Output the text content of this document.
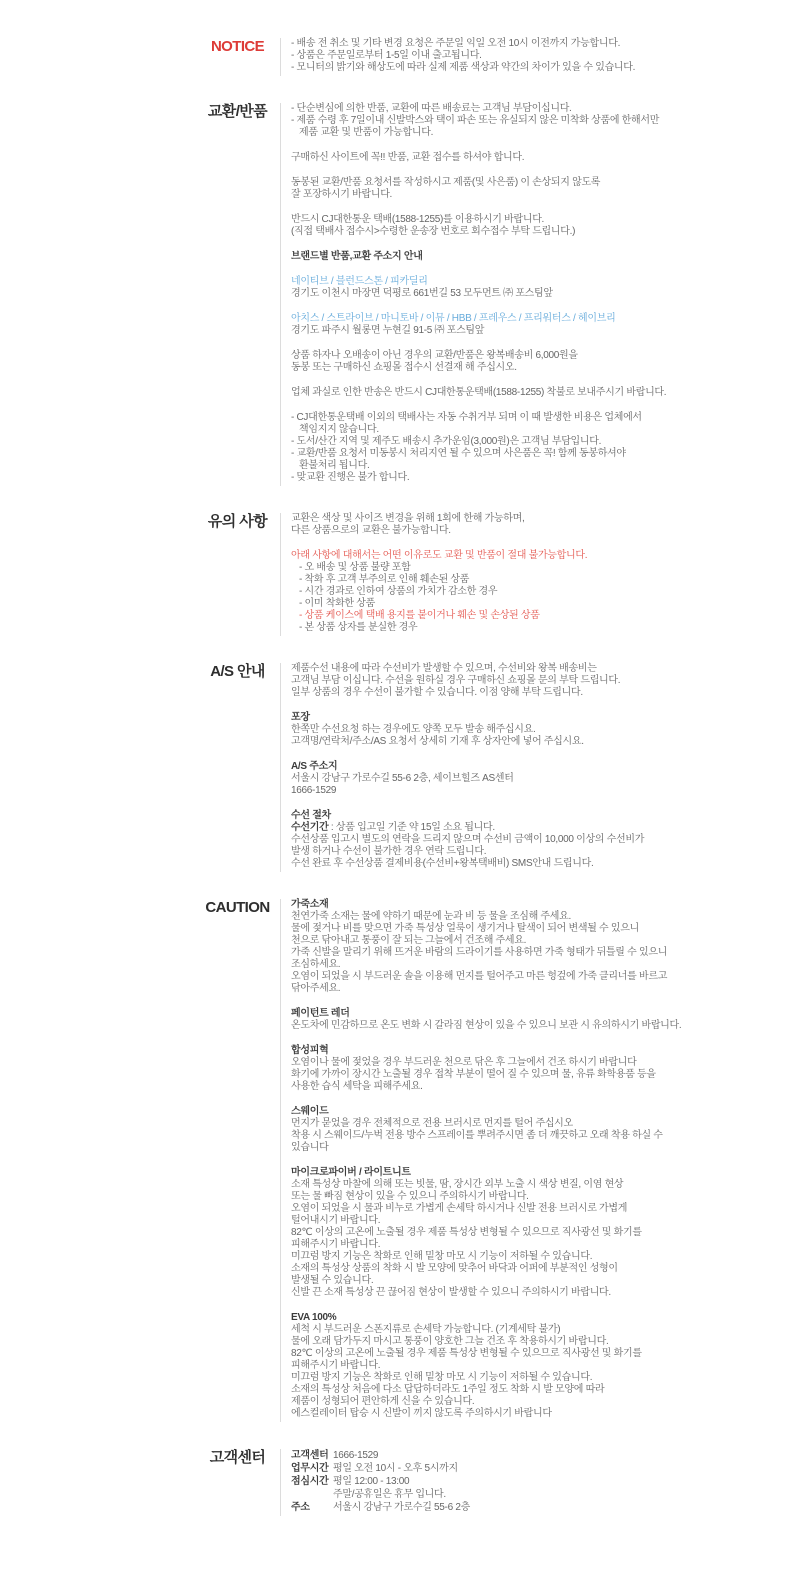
NOTICE	- 배송 전 취소 및 기타 변경 요청은 주문일 익일 오전 10시 이전까지 가능합니다.
- 상품은 주문일로부터 1-5일 이내 출고됩니다.
- 모니터의 밝기와 해상도에 따라 실제 제품 색상과 약간의 차이가 있을 수 있습니다.
교환/반품	- 단순변심에 의한 반품, 교환에 따른 배송료는 고객님 부담이십니다.
- 제품 수령 후 7일이내 신발박스와 택이 파손 또는 유실되지 않은 미착화 상품에 한해서만
제품 교환 및 반품이 가능합니다.
구매하신 사이트에 꼭!! 반품, 교환 접수를 하셔야 합니다.
동봉된 교환/반품 요청서를 작성하시고 제품(및 사은품) 이 손상되지 않도록
잘 포장하시기 바랍니다.
반드시 CJ대한통운 택배(1588-1255)를 이용하시기 바랍니다.
(직접 택배사 접수시>수령한 운송장 번호로 회수접수 부탁 드립니다.)
브랜드별 반품,교환 주소지 안내
네이티브 / 블런드스톤 / 피카딜리
경기도 이천시 마장면 덕평로 661번길 53 모두먼트 ㈜ 포스팀앞
아치스 / 스트라이브 / 마니토바 / 이뮤 / HBB / 프레우스 / 프리워터스 / 헤이브리
경기도 파주시 월롱면 누현길 91-5 ㈜ 포스팀앞
상품 하자나 오배송이 아닌 경우의 교환/반품은 왕복배송비 6,000원을
동봉 또는 구매하신 쇼핑몰 접수시 선결재 해 주십시오.
업체 과실로 인한 반송은 반드시 CJ대한통운택배(1588-1255) 착불로 보내주시기 바랍니다.
- CJ대한통운택배 이외의 택배사는 자동 수취거부 되며 이 때 발생한 비용은 업체에서
책임지지 않습니다.
- 도서/산간 지역 및 제주도 배송시 추가운임(3,000원)은 고객님 부담입니다.
- 교환/반품 요청서 미동봉시 처리지연 될 수 있으며 사은품은 꼭! 함께 동봉하셔야
환불처리 됩니다.
- 맞교환 진행은 불가 합니다.
유의 사항	교환은 색상 및 사이즈 변경을 위해 1회에 한해 가능하며,
다른 상품으로의 교환은 불가능합니다.
아래 사항에 대해서는 어떤 이유로도 교환 및 반품이 절대 불가능합니다.
- 오 배송 및 상품 불량 포함
- 착화 후 고객 부주의로 인해 훼손된 상품
- 시간 경과로 인하여 상품의 가치가 감소한 경우
- 이미 착화한 상품
- 상품 케이스에 택배 용지를 붙이거나 훼손 및 손상된 상품
- 본 상품 상자를 분실한 경우
A/S 안내	제품수선 내용에 따라 수선비가 발생할 수 있으며, 수선비와 왕복 배송비는
고객님 부담 이십니다. 수선을 원하실 경우 구매하신 쇼핑몰 문의 부탁 드립니다.
일부 상품의 경우 수선이 불가할 수 있습니다. 이점 양해 부탁 드립니다.
포장
한쪽만 수선요청 하는 경우에도 양쪽 모두 발송 해주십시요.
고객명/연락처/주소/AS 요청서 상세히 기재 후 상자안에 넣어 주십시요.
A/S 주소지
서울시 강남구 가로수길 55-6 2층, 세이브힐즈 AS센터
1666-1529
수선 절차
수선기간 : 상품 입고일 기준 약 15일 소요 됩니다.
수선상품 입고시 별도의 연락을 드리지 않으며 수선비 금액이 10,000 이상의 수선비가
발생 하거나 수선이 불가한 경우 연락 드립니다.
수선 완료 후 수선상품 결제비용(수선비+왕복택배비) SMS안내 드립니다.
CAUTION	가죽소재
천연가죽 소재는 물에 약하기 때문에 눈과 비 등 물을 조심해 주세요.
물에 젖거나 비를 맞으면 가죽 특성상 얼룩이 생기거나 탈색이 되어 변색될 수 있으니
천으로 닦아내고 통풍이 잘 되는 그늘에서 건조해 주세요.
가죽 신발을 말리기 위해 뜨거운 바람의 드라이기를 사용하면 가죽 형태가 뒤틀릴 수 있으니
조심하세요.
오염이 되었을 시 부드러운 솔을 이용해 먼지를 털어주고 마른 헝겊에 가죽 클리너를 바르고
닦아주세요.
페이턴트 레더
온도차에 민감하므로 온도 변화 시 갈라짐 현상이 있을 수 있으니 보관 시 유의하시기 바랍니다.
합성피혁
오염이나 물에 젖었을 경우 부드러운 천으로 닦은 후 그늘에서 건조 하시기 바랍니다
화기에 가까이 장시간 노출될 경우 접착 부분이 떨어 질 수 있으며 물, 유류 화학용품 등을
사용한 습식 세탁을 피해주세요.
스웨이드
먼지가 묻었을 경우 전체적으로 전용 브러시로 먼지를 털어 주십시오
착용 시 스웨이드/누벅 전용 방수 스프레이를 뿌려주시면 좀 더 깨끗하고 오래 착용 하실 수
있습니다
마이크로파이버 / 라이트니트
소재 특성상 마찰에 의해 또는 빗물, 땀, 장시간 외부 노출 시 색상 변질, 이염 현상
또는 물 빠짐 현상이 있을 수 있으니 주의하시기 바랍니다.
오염이 되었을 시 물과 비누로 가볍게 손세탁 하시거나 신발 전용 브러시로 가볍게
털어내시기 바랍니다.
82℃ 이상의 고온에 노출될 경우 제품 특성상 변형될 수 있으므로 직사광선 및 화기를
피해주시기 바랍니다.
미끄럼 방지 기능은 착화로 인해 밑창 마모 시 기능이 저하될 수 있습니다.
소재의 특성상 상품의 착화 시 발 모양에 맞추어 바닥과 어퍼에 부분적인 성형이
발생될 수 있습니다.
신발 끈 소재 특성상 끈 끊어짐 현상이 발생할 수 있으니 주의하시기 바랍니다.
EVA 100%
세척 시 부드러운 스폰지류로 손세탁 가능합니다. (기계세탁 불가)
물에 오래 담가두지 마시고 통풍이 양호한 그늘 건조 후 착용하시기 바랍니다.
82℃ 이상의 고온에 노출될 경우 제품 특성상 변형될 수 있으므로 직사광선 및 화기를
피해주시기 바랍니다.
미끄럼 방지 기능은 착화로 인해 밑창 마모 시 기능이 저하될 수 있습니다.
소재의 특성상 처음에 다소 답답하더라도 1주일 정도 착화 시 발 모양에 따라
제품이 성형되어 편안하게 신을 수 있습니다.
에스컬레이터 탑승 시 신발이 끼지 않도록 주의하시기 바랍니다
고객센터	고객센터 1666-1529
업무시간 평일 오전 10시 - 오후 5시까지
점심시간 평일 12:00 - 13:00
주말/공휴일은 휴무 입니다.
주소	서울시 강남구 가로수길 55-6 2층
